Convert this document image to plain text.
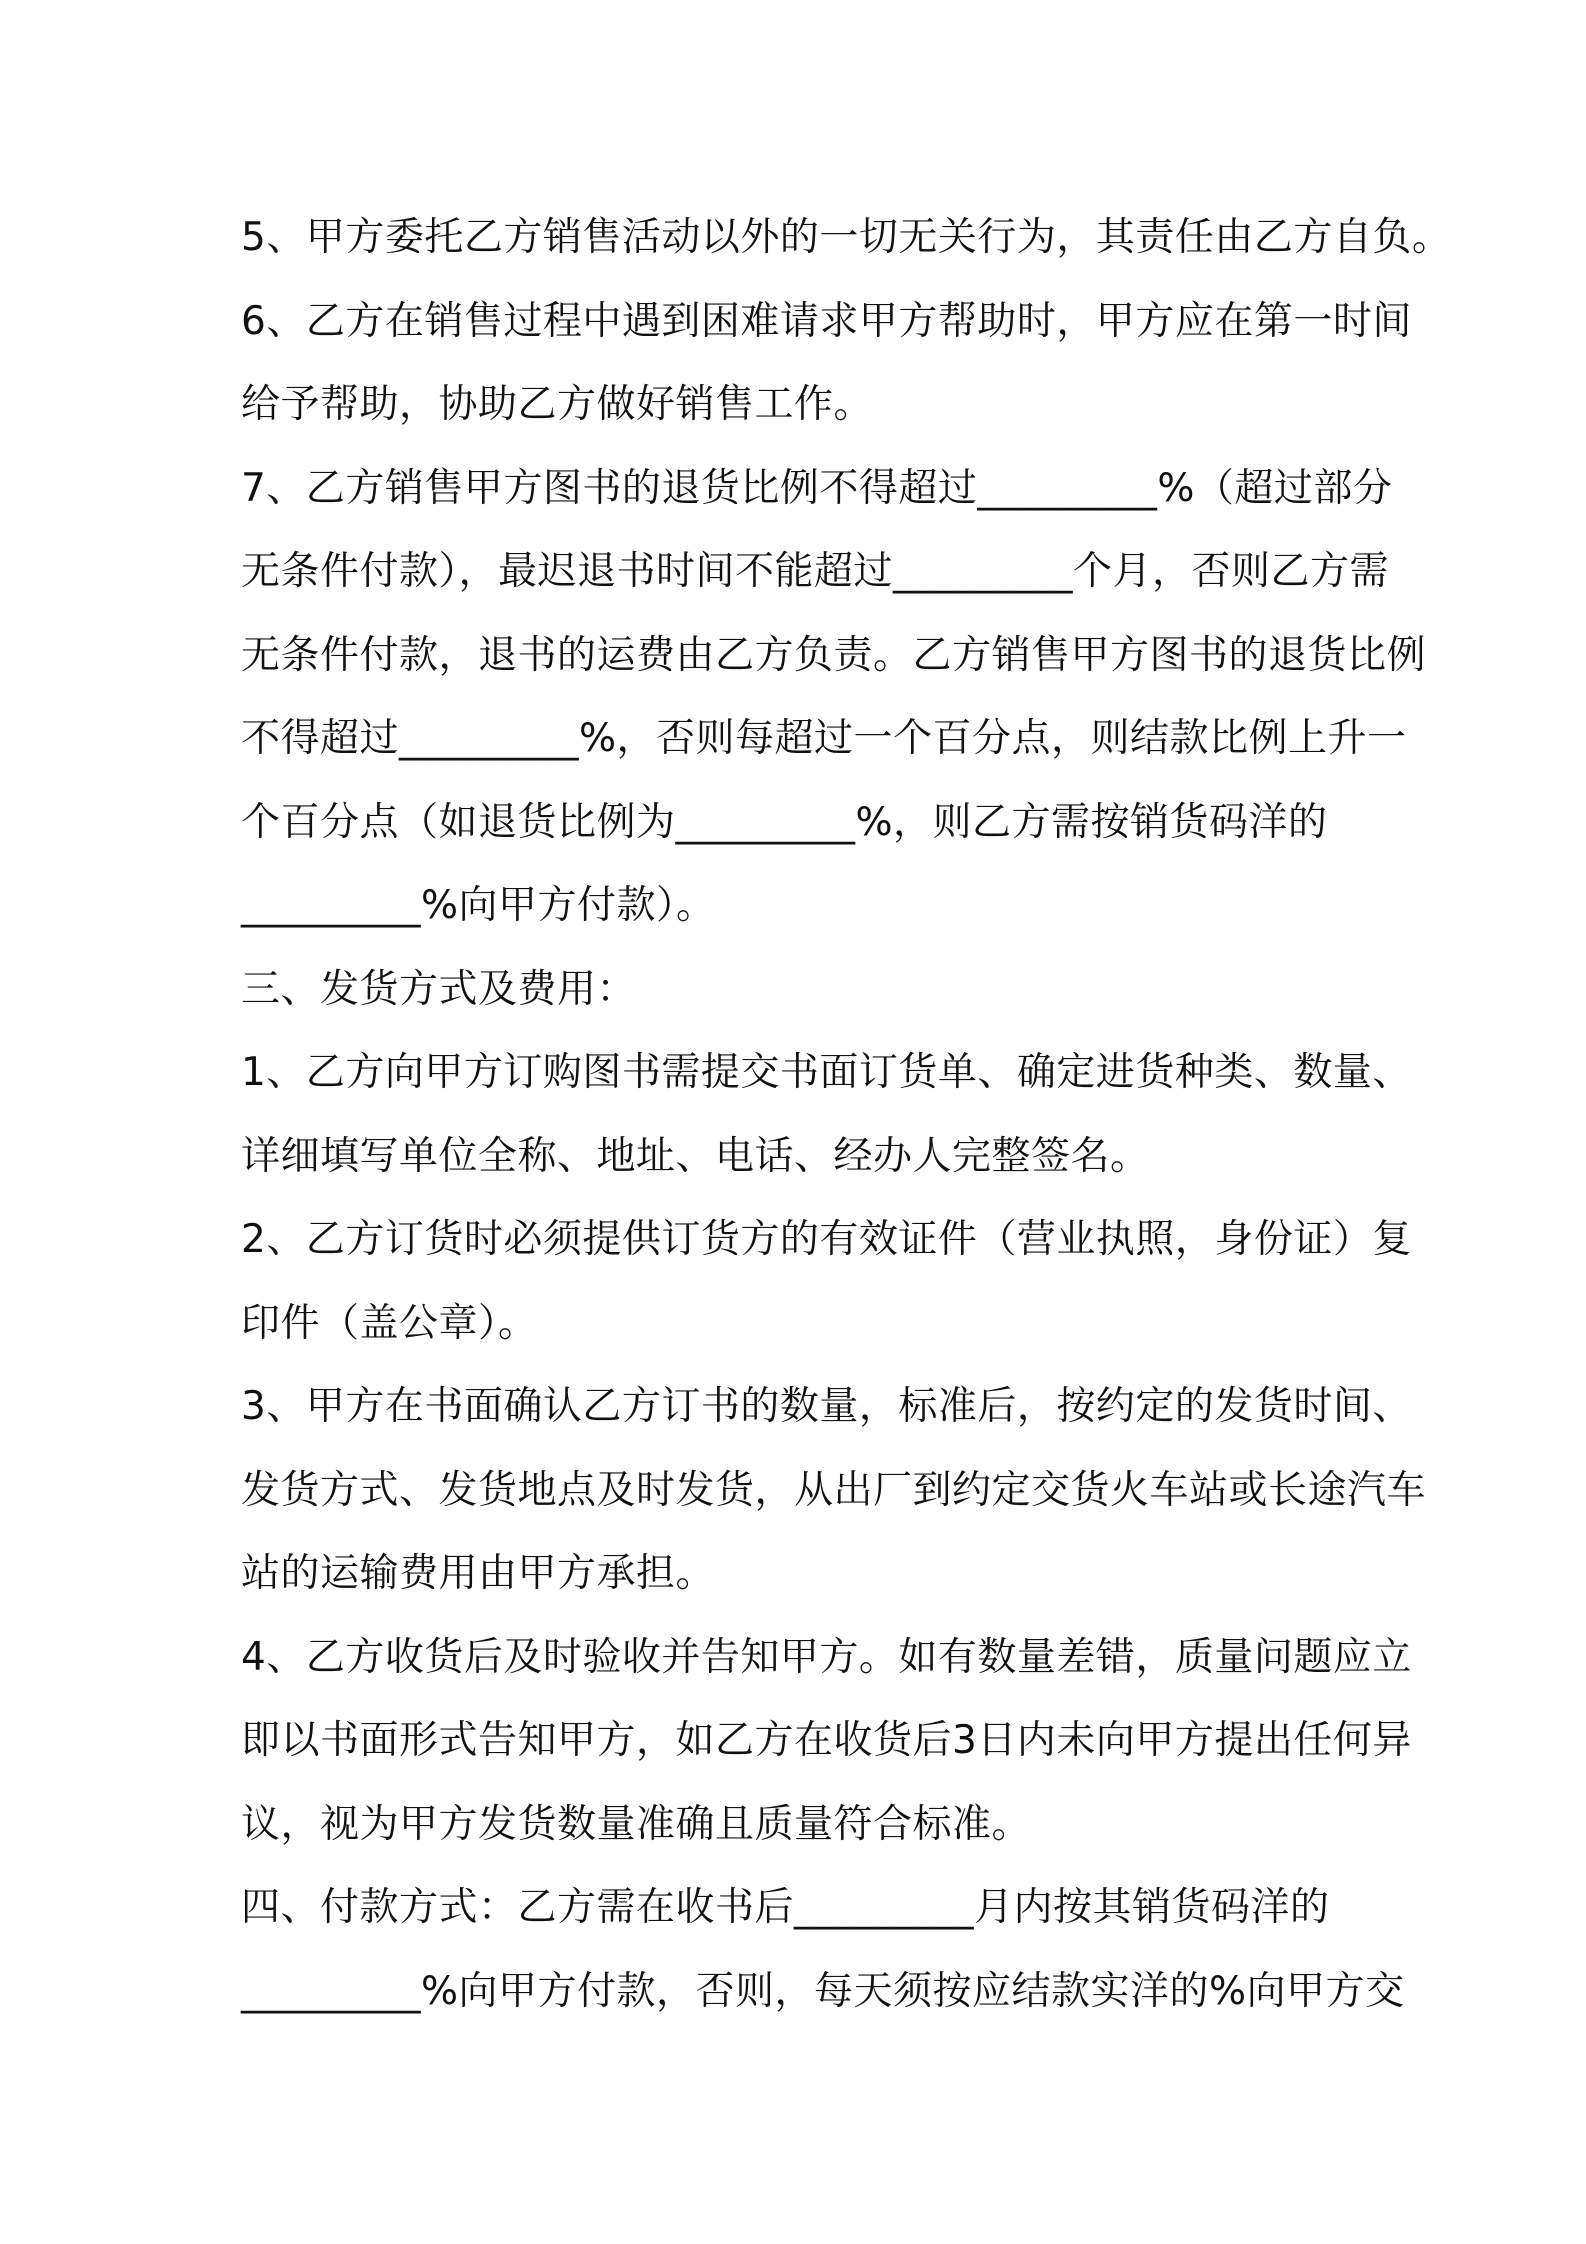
5、甲方委托乙方销售活动以外的一切无关行为，其责任由乙方自负。
6、乙方在销售过程中遇到困难请求甲方帮助时，甲方应在第一时间
给予帮助，协助乙方做好销售工作。
7、乙方销售甲方图书的退货比例不得超过_________%（超过部分
无条件付款），最迟退书时间不能超过_________个月，否则乙方需
无条件付款，退书的运费由乙方负责。乙方销售甲方图书的退货比例
不得超过_________%，否则每超过一个百分点，则结款比例上升一
个百分点（如退货比例为_________%，则乙方需按销货码洋的
_________%向甲方付款）。
三、发货方式及费用：
1、乙方向甲方订购图书需提交书面订货单、确定进货种类、数量、
详细填写单位全称、地址、电话、经办人完整签名。
2、乙方订货时必须提供订货方的有效证件（营业执照，身份证）复
印件（盖公章）。
3、甲方在书面确认乙方订书的数量，标准后，按约定的发货时间、
发货方式、发货地点及时发货，从出厂到约定交货火车站或长途汽车
站的运输费用由甲方承担。
4、乙方收货后及时验收并告知甲方。如有数量差错，质量问题应立
即以书面形式告知甲方，如乙方在收货后3日内未向甲方提出任何异
议，视为甲方发货数量准确且质量符合标准。
四、付款方式：乙方需在收书后_________月内按其销货码洋的
_________%向甲方付款，否则，每天须按应结款实洋的%向甲方交
